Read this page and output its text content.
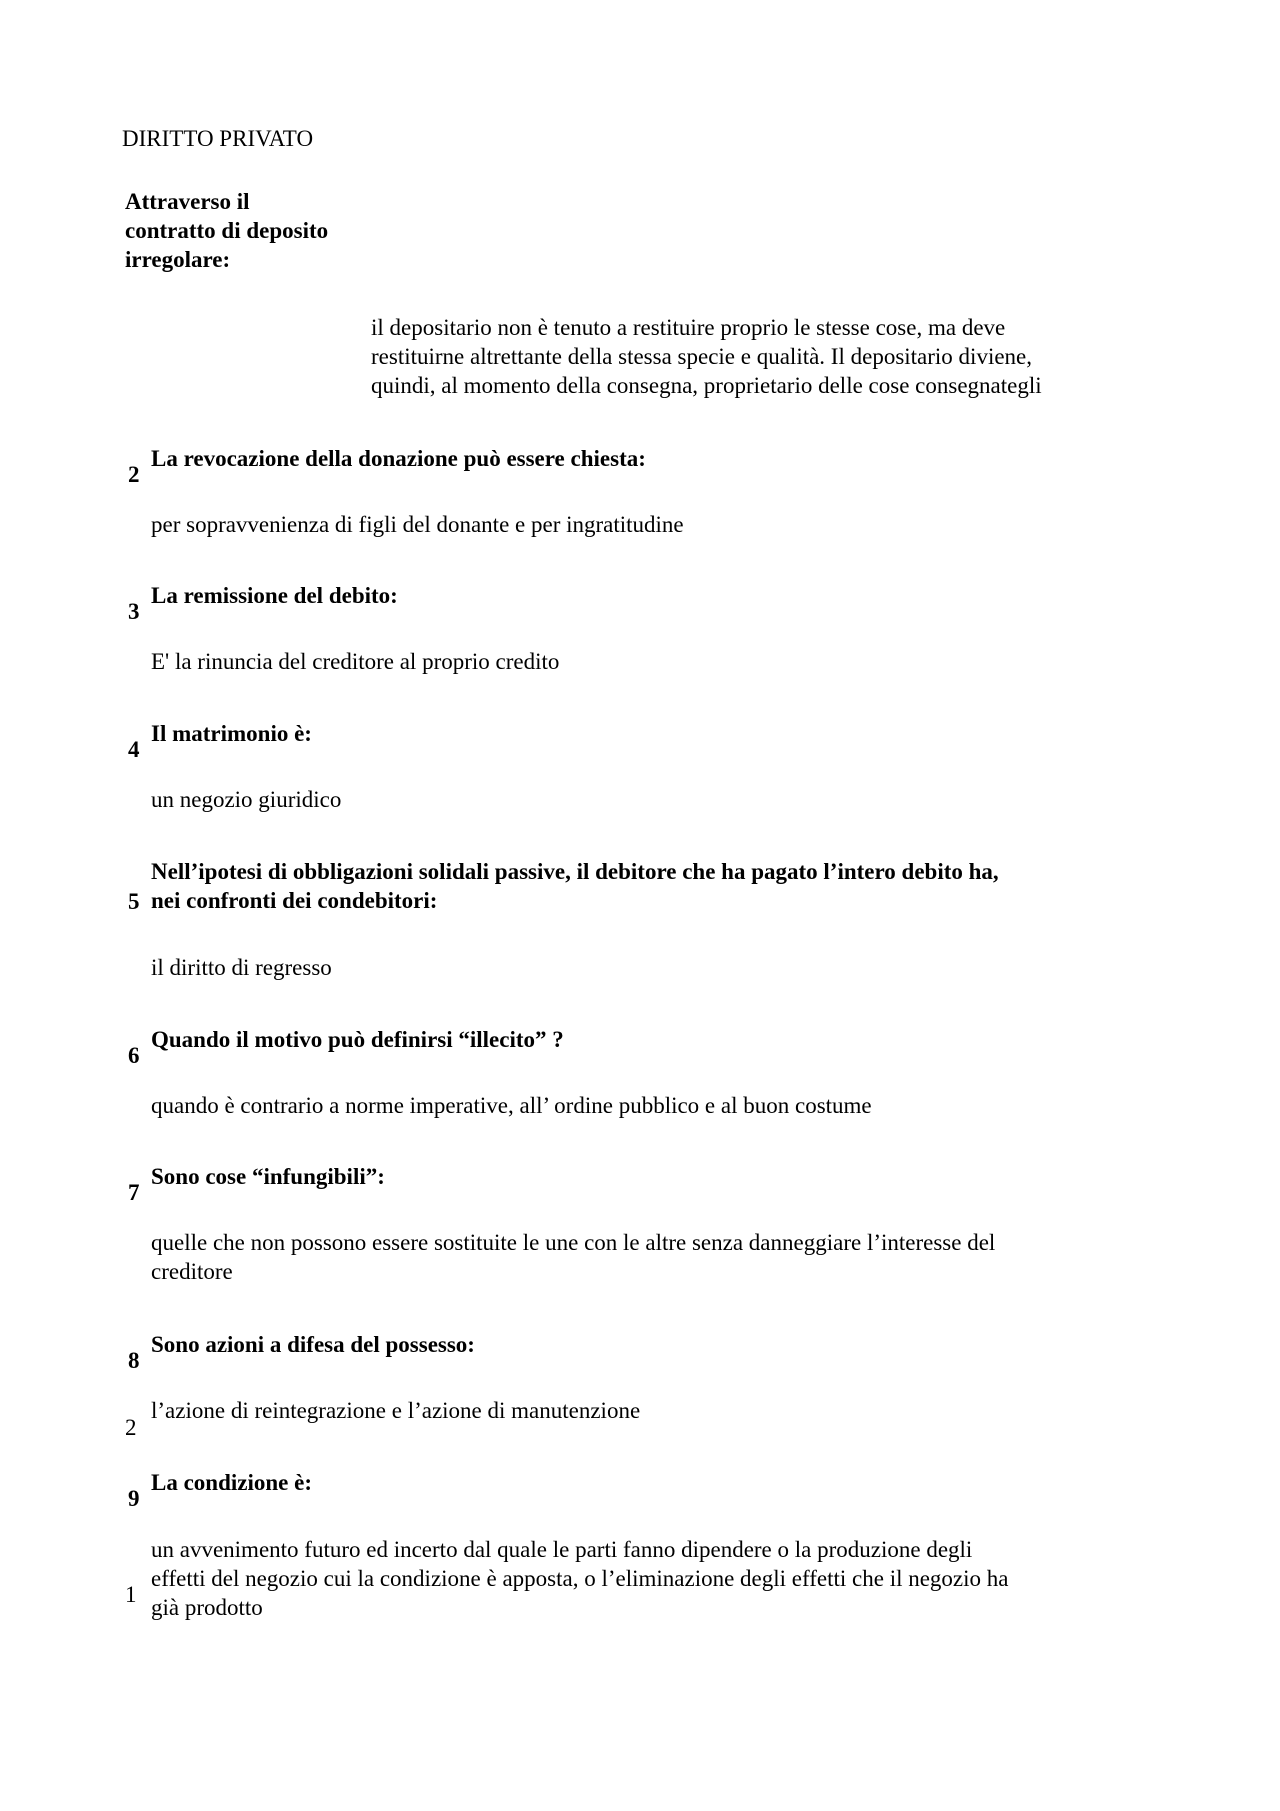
DIRITTO PRIVATO
Attraverso il
contratto di deposito
irregolare:
il depositario non è tenuto a restituire proprio le stesse cose, ma deve
restituirne altrettante della stessa specie e qualità. Il depositario diviene,
quindi, al momento della consegna, proprietario delle cose consegnategli
2
La revocazione della donazione può essere chiesta:
per sopravvenienza di figli del donante e per ingratitudine
3
La remissione del debito:
E' la rinuncia del creditore al proprio credito
4
Il matrimonio è:
un negozio giuridico
5
Nell’ipotesi di obbligazioni solidali passive, il debitore che ha pagato l’intero debito ha,
nei confronti dei condebitori:
il diritto di regresso
6
Quando il motivo può definirsi “illecito” ?
quando è contrario a norme imperative, all’ ordine pubblico e al buon costume
7
Sono cose “infungibili”:
quelle che non possono essere sostituite le une con le altre senza danneggiare l’interesse del
creditore
8
Sono azioni a difesa del possesso:
2
l’azione di reintegrazione e l’azione di manutenzione
9
La condizione è:
1
un avvenimento futuro ed incerto dal quale le parti fanno dipendere o la produzione degli
effetti del negozio cui la condizione è apposta, o l’eliminazione degli effetti che il negozio ha
già prodotto
